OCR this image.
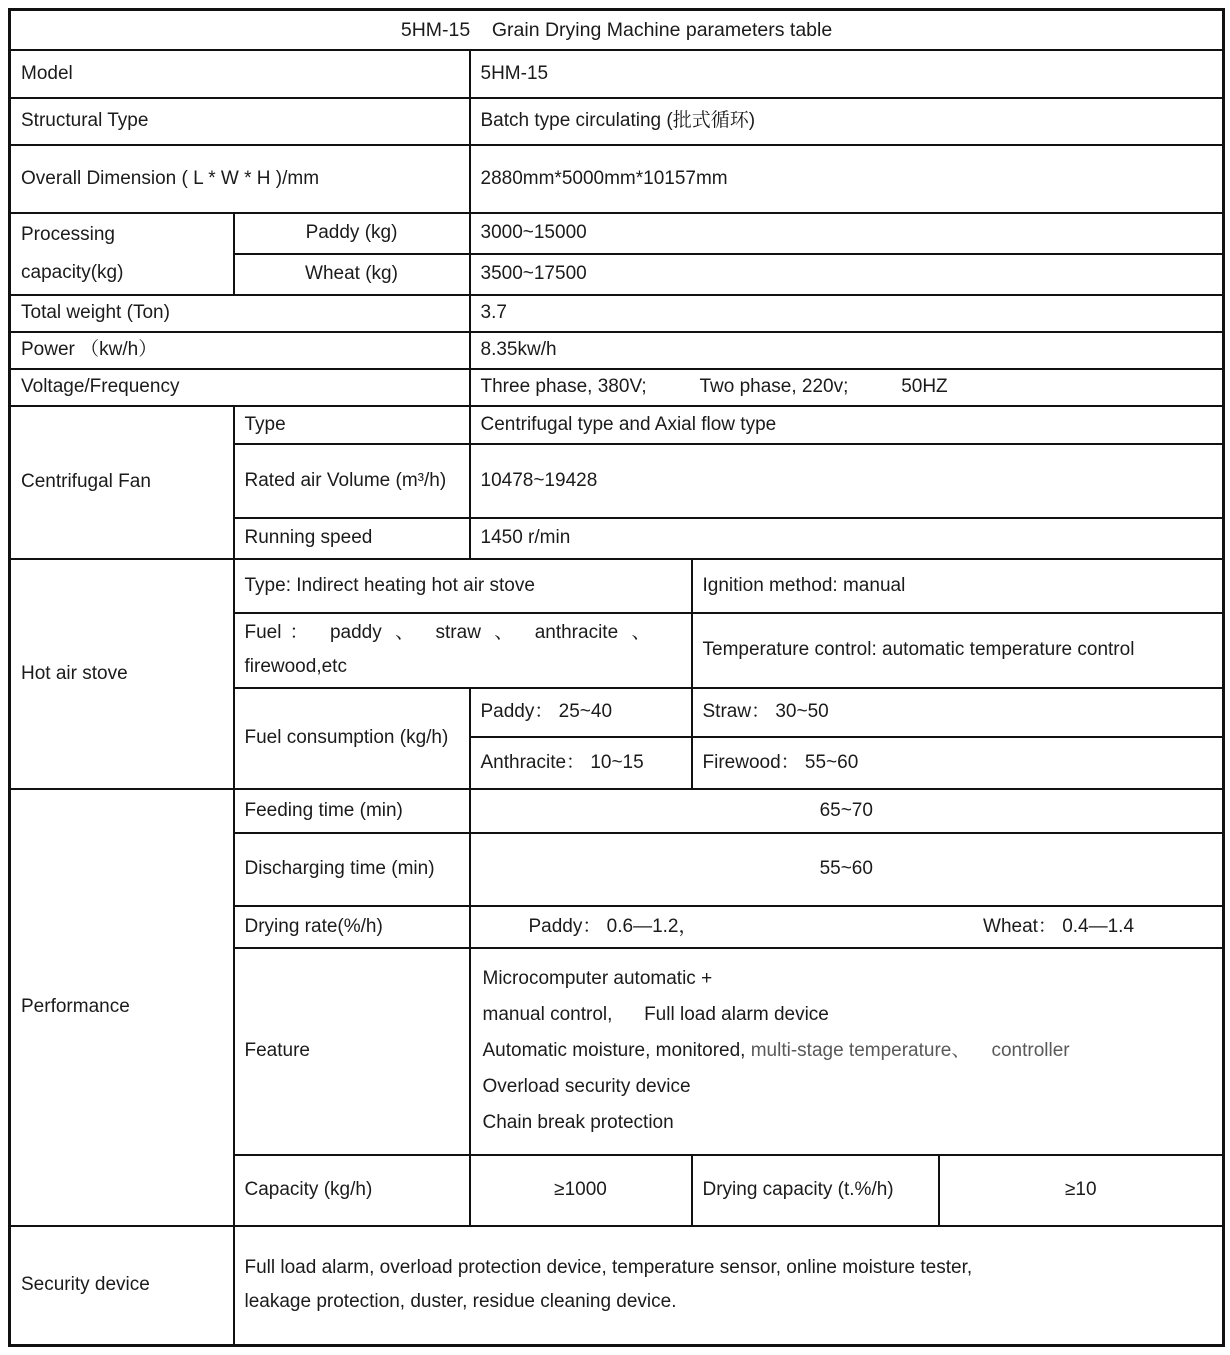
5HM-15    Grain Drying Machine parameters table				
Model		5HM-15		
Structural Type		Batch type circulating (批式循环)		
Overall Dimension ( L * W * H )/mm		2880mm*5000mm*10157mm		
Processing capacity(kg)	Paddy (kg)	3000~15000		
	Wheat (kg)	3500~17500		
Total weight (Ton)		3.7		
Power （kw/h）		8.35kw/h		
Voltage/Frequency		Three phase, 380V;          Two phase, 220v;          50HZ		
Centrifugal Fan	Type	Centrifugal type and Axial flow type		
	Rated air Volume (m³/h)	10478~19428		
	Running speed	1450 r/min		
Hot air stove	Type: Indirect heating hot air stove		Ignition method: manual	
	Fuel： paddy 、 straw 、 anthracite 、 firewood,etc		Temperature control: automatic temperature control	
	Fuel consumption (kg/h)	Paddy： 25~40	Straw： 30~50	
		Anthracite： 10~15	Firewood： 55~60	
Performance	Feeding time (min)	65~70		
	Discharging time (min)	55~60		
	Drying rate(%/h)	Paddy： 0.6—1.2， Wheat： 0.4—1.4		

	Feature	Microcomputer automatic +
manual control,      Full load alarm device
Automatic moisture, monitored, multi-stage temperature、    controller
Overload security device
Chain break protection		

	Capacity (kg/h)	≥1000	Drying capacity (t.%/h)	≥10
Security device	Full load alarm, overload protection device, temperature sensor, online moisture tester, leakage protection, duster, residue cleaning device.			
